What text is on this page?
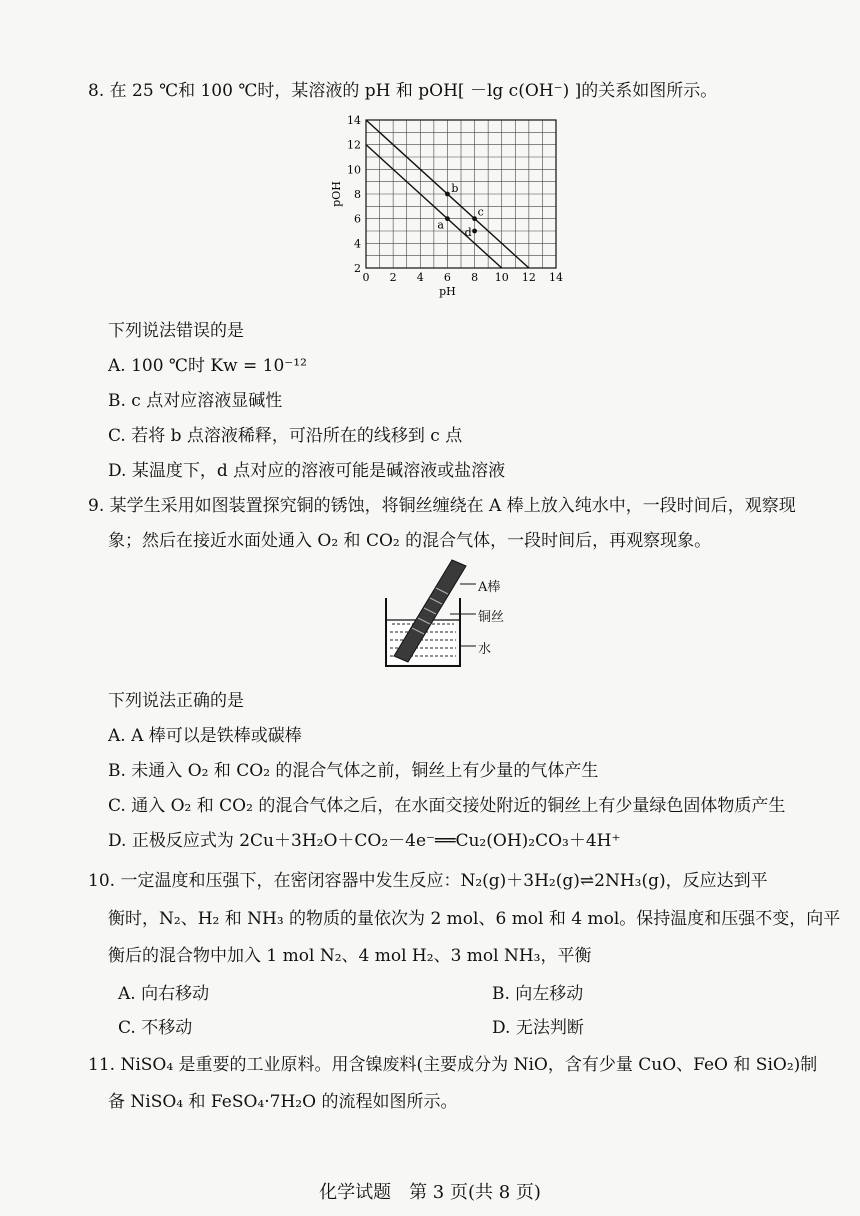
8. 在 25 ℃和 100 ℃时，某溶液的 pH 和 pOH[ －lg c(OH⁻) ]的关系如图所示。
0 2 4 6 8 10 12 14
2
4
6
8
10
12
14
pH
pOH
a
b
c
d
下列说法错误的是
A. 100 ℃时 Kw = 10⁻¹²
B. c 点对应溶液显碱性
C. 若将 b 点溶液稀释，可沿所在的线移到 c 点
D. 某温度下，d 点对应的溶液可能是碱溶液或盐溶液
9. 某学生采用如图装置探究铜的锈蚀，将铜丝缠绕在 A 棒上放入纯水中，一段时间后，观察现
象；然后在接近水面处通入 O₂ 和 CO₂ 的混合气体，一段时间后，再观察现象。
A棒
铜丝
水
下列说法正确的是
A. A 棒可以是铁棒或碳棒
B. 未通入 O₂ 和 CO₂ 的混合气体之前，铜丝上有少量的气体产生
C. 通入 O₂ 和 CO₂ 的混合气体之后，在水面交接处附近的铜丝上有少量绿色固体物质产生
D. 正极反应式为 2Cu＋3H₂O＋CO₂－4e⁻══Cu₂(OH)₂CO₃＋4H⁺
10. 一定温度和压强下，在密闭容器中发生反应：N₂(g)＋3H₂(g)⇌2NH₃(g)，反应达到平
衡时，N₂、H₂ 和 NH₃ 的物质的量依次为 2 mol、6 mol 和 4 mol。保持温度和压强不变，向平
衡后的混合物中加入 1 mol N₂、4 mol H₂、3 mol NH₃，平衡
A. 向右移动	B. 向左移动
C. 不移动	D. 无法判断
11. NiSO₄ 是重要的工业原料。用含镍废料(主要成分为 NiO，含有少量 CuO、FeO 和 SiO₂)制
备 NiSO₄ 和 FeSO₄·7H₂O 的流程如图所示。
化学试题　第 3 页(共 8 页)
